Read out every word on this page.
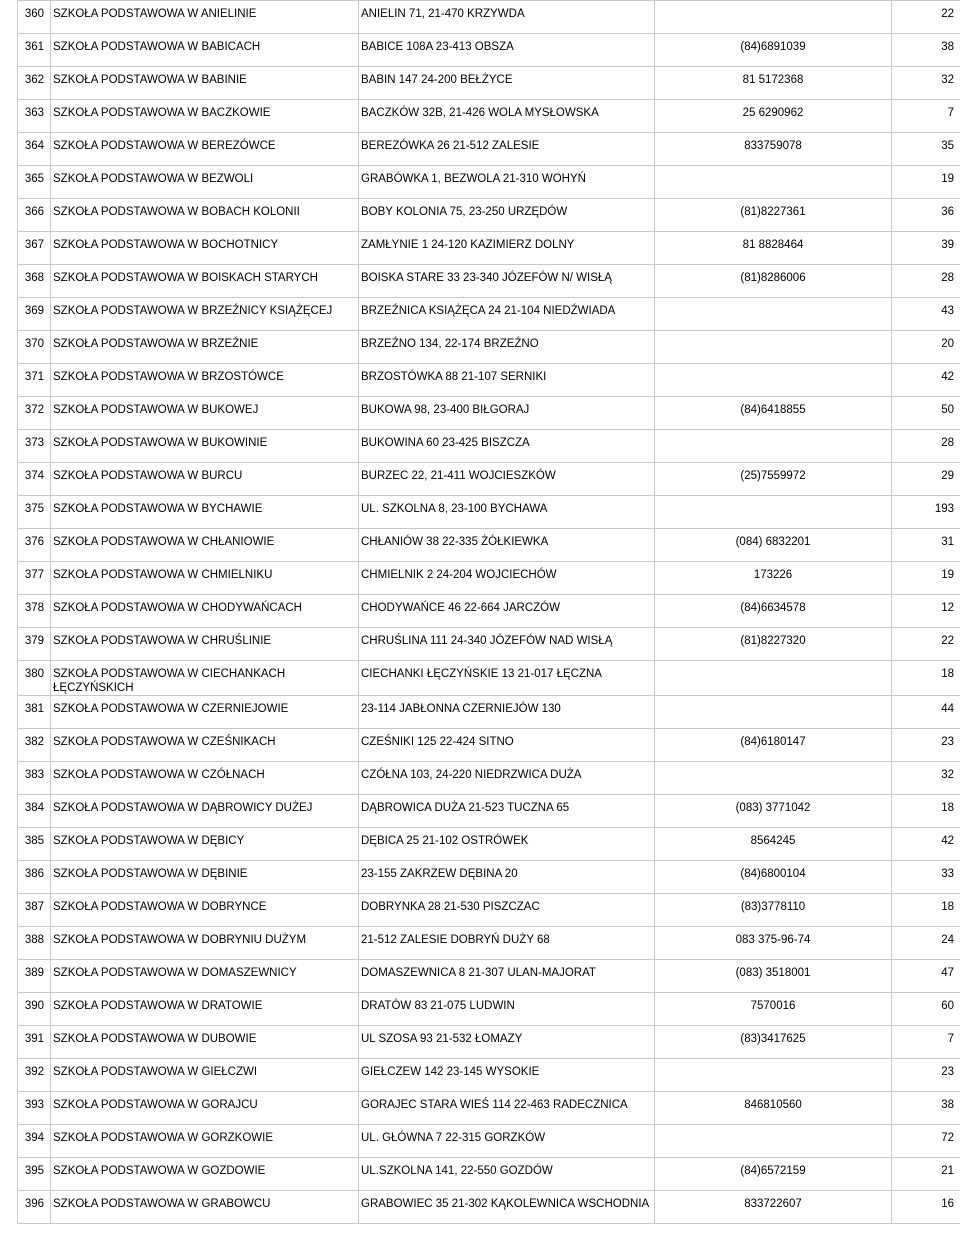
360	SZKOŁA PODSTAWOWA W ANIELINIE	ANIELIN 71, 21-470 KRZYWDA		22

361	SZKOŁA PODSTAWOWA W BABICACH	BABICE 108A 23-413 OBSZA	(84)6891039	38

362	SZKOŁA PODSTAWOWA W BABINIE	BABIN 147 24-200 BEŁŻYCE	81 5172368	32

363	SZKOŁA PODSTAWOWA W BACZKOWIE	BACZKÓW 32B, 21-426 WOLA MYSŁOWSKA	25 6290962	7

364	SZKOŁA PODSTAWOWA W BEREZÓWCE	BEREZÓWKA 26 21-512 ZALESIE	833759078	35

365	SZKOŁA PODSTAWOWA W BEZWOLI	GRABÓWKA 1, BEZWOLA 21-310 WOHYŃ		19

366	SZKOŁA PODSTAWOWA W BOBACH KOLONII	BOBY KOLONIA 75, 23-250 URZĘDÓW	(81)8227361	36

367	SZKOŁA PODSTAWOWA W BOCHOTNICY	ZAMŁYNIE 1 24-120 KAZIMIERZ DOLNY	81 8828464	39

368	SZKOŁA PODSTAWOWA W BOISKACH STARYCH	BOISKA STARE 33 23-340 JÓZEFÓW N/ WISŁĄ	(81)8286006	28

369	SZKOŁA PODSTAWOWA W BRZEŹNICY KSIĄŻĘCEJ	BRZEŹNICA KSIĄŻĘCA 24 21-104 NIEDŹWIADA		43

370	SZKOŁA PODSTAWOWA W BRZEŹNIE	BRZEŹNO 134, 22-174 BRZEŹNO		20

371	SZKOŁA PODSTAWOWA W BRZOSTÓWCE	BRZOSTÓWKA 88 21-107 SERNIKI		42

372	SZKOŁA PODSTAWOWA W BUKOWEJ	BUKOWA 98, 23-400 BIŁGORAJ	(84)6418855	50

373	SZKOŁA PODSTAWOWA W BUKOWINIE	BUKOWINA 60 23-425 BISZCZA		28

374	SZKOŁA PODSTAWOWA W BURCU	BURZEC 22, 21-411 WOJCIESZKÓW	(25)7559972	29

375	SZKOŁA PODSTAWOWA W BYCHAWIE	UL. SZKOLNA 8, 23-100 BYCHAWA		193

376	SZKOŁA PODSTAWOWA W CHŁANIOWIE	CHŁANIÓW 38 22-335 ŻÓŁKIEWKA	(084) 6832201	31

377	SZKOŁA PODSTAWOWA W CHMIELNIKU	CHMIELNIK 2 24-204 WOJCIECHÓW	173226	19

378	SZKOŁA PODSTAWOWA W CHODYWAŃCACH	CHODYWAŃCE 46 22-664 JARCZÓW	(84)6634578	12

379	SZKOŁA PODSTAWOWA W CHRUŚLINIE	CHRUŚLINA 111 24-340 JÓZEFÓW NAD WISŁĄ	(81)8227320	22

380	SZKOŁA PODSTAWOWA W CIECHANKACH ŁĘCZYŃSKICH	CIECHANKI ŁĘCZYŃSKIE 13 21-017 ŁĘCZNA		18

381	SZKOŁA PODSTAWOWA W CZERNIEJOWIE	23-114 JABŁONNA CZERNIEJÓW 130		44

382	SZKOŁA PODSTAWOWA W CZEŚNIKACH	CZEŚNIKI 125 22-424 SITNO	(84)6180147	23

383	SZKOŁA PODSTAWOWA W CZÓŁNACH	CZÓŁNA 103, 24-220 NIEDRZWICA DUŻA		32

384	SZKOŁA PODSTAWOWA W DĄBROWICY DUŻEJ	DĄBROWICA DUŻA 21-523 TUCZNA 65	(083) 3771042	18

385	SZKOŁA PODSTAWOWA W DĘBICY	DĘBICA 25 21-102 OSTRÓWEK	8564245	42

386	SZKOŁA PODSTAWOWA W DĘBINIE	23-155 ZAKRZEW DĘBINA 20	(84)6800104	33

387	SZKOŁA PODSTAWOWA W DOBRYNCE	DOBRYNKA 28 21-530 PISZCZAC	(83)3778110	18

388	SZKOŁA PODSTAWOWA W DOBRYNIU DUŻYM	21-512 ZALESIE DOBRYŃ DUŻY 68	083 375-96-74	24

389	SZKOŁA PODSTAWOWA W DOMASZEWNICY	DOMASZEWNICA 8 21-307 ULAN-MAJORAT	(083) 3518001	47

390	SZKOŁA PODSTAWOWA W DRATOWIE	DRATÓW 83 21-075 LUDWIN	7570016	60

391	SZKOŁA PODSTAWOWA W DUBOWIE	UL SZOSA 93 21-532 ŁOMAZY	(83)3417625	7

392	SZKOŁA PODSTAWOWA W GIEŁCZWI	GIEŁCZEW 142 23-145 WYSOKIE		23

393	SZKOŁA PODSTAWOWA W GORAJCU	GORAJEC STARA WIEŚ 114 22-463 RADECZNICA	846810560	38

394	SZKOŁA PODSTAWOWA W GORZKOWIE	UL. GŁÓWNA 7 22-315 GORZKÓW		72

395	SZKOŁA PODSTAWOWA W GOZDOWIE	UL.SZKOLNA 141, 22-550 GOZDÓW	(84)6572159	21

396	SZKOŁA PODSTAWOWA W GRABOWCU	GRABOWIEC 35 21-302 KĄKOLEWNICA WSCHODNIA	833722607	16
